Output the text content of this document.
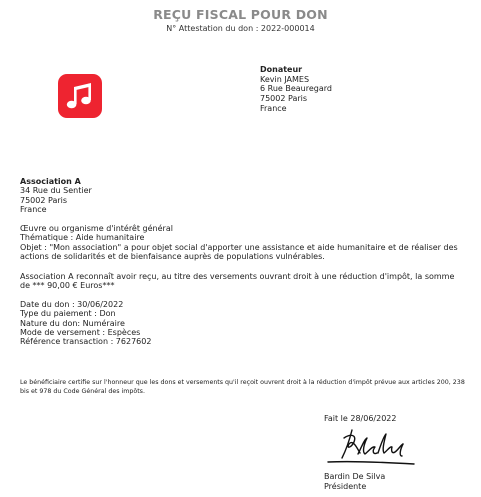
REÇU FISCAL POUR DON
N° Attestation du don : 2022-000014
Donateur
Kevin JAMES
6 Rue Beauregard
75002 Paris
France
Association A
34 Rue du Sentier
75002 Paris
France
Œuvre ou organisme d'intérêt général
Thématique : Aide humanitaire
Objet : "Mon association" a pour objet social d'apporter une assistance et aide humanitaire et de réaliser des actions de solidarités et de bienfaisance auprès de populations vulnérables.
Association A reconnaît avoir reçu, au titre des versements ouvrant droit à une réduction d'impôt, la somme de *** 90,00 € Euros***
Date du don : 30/06/2022
Type du paiement : Don
Nature du don: Numéraire
Mode de versement : Espèces
Référence transaction : 7627602
Le bénéficiaire certifie sur l'honneur que les dons et versements qu'il reçoit ouvrent droit à la réduction d'impôt prévue aux articles 200, 238 bis et 978 du Code Général des impôts.
Fait le 28/06/2022
Bardin De Silva
Présidente
